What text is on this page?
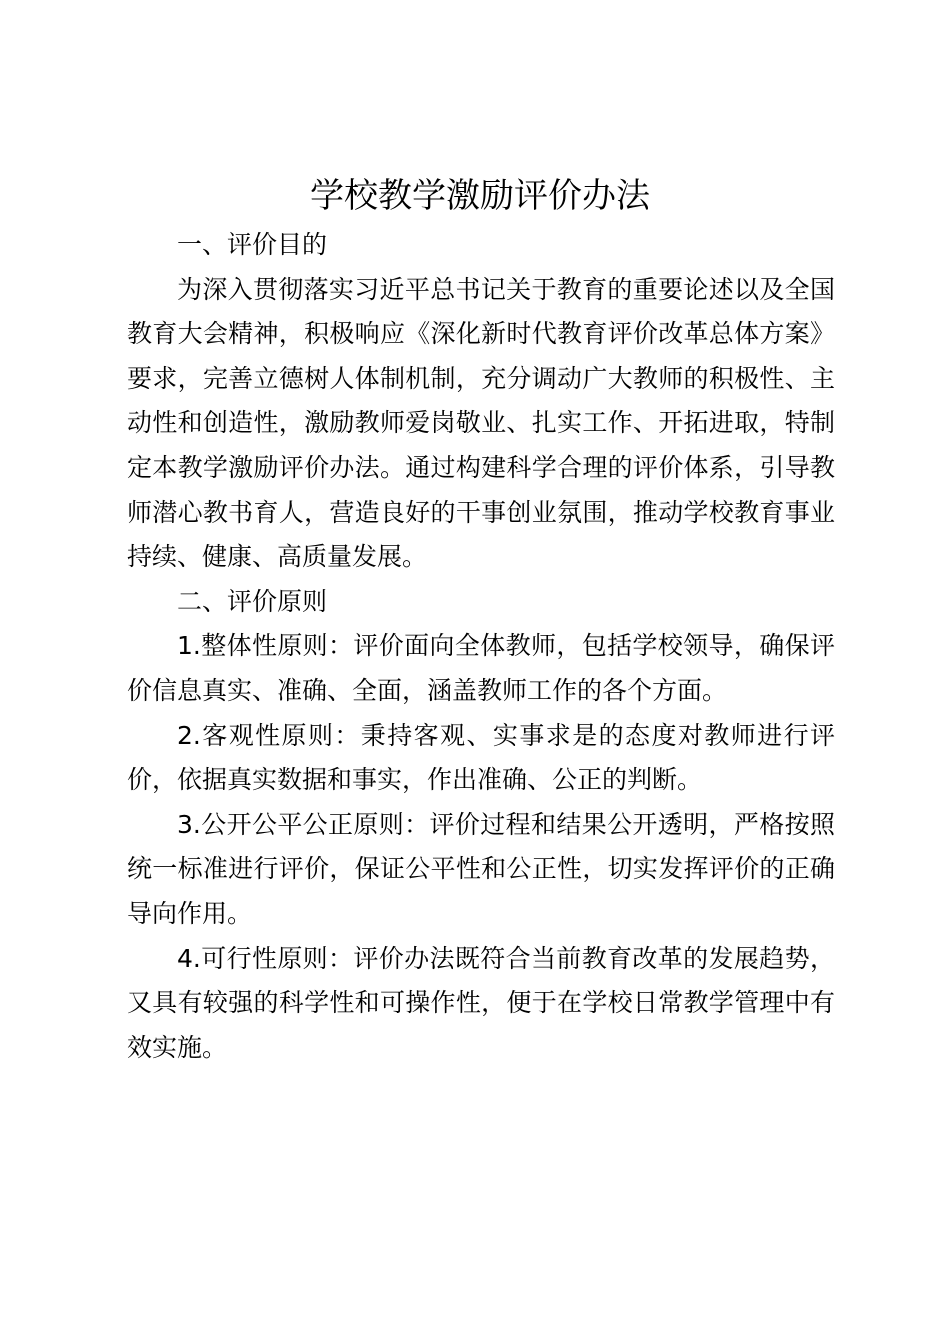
学校教学激励评价办法

一、评价目的

为深入贯彻落实习近平总书记关于教育的重要论述以及全国教育大会精神，积极响应《深化新时代教育评价改革总体方案》要求，完善立德树人体制机制，充分调动广大教师的积极性、主动性和创造性，激励教师爱岗敬业、扎实工作、开拓进取，特制定本教学激励评价办法。通过构建科学合理的评价体系，引导教师潜心教书育人，营造良好的干事创业氛围，推动学校教育事业持续、健康、高质量发展。

二、评价原则

1.整体性原则：评价面向全体教师，包括学校领导，确保评价信息真实、准确、全面，涵盖教师工作的各个方面。

2.客观性原则：秉持客观、实事求是的态度对教师进行评价，依据真实数据和事实，作出准确、公正的判断。

3.公开公平公正原则：评价过程和结果公开透明，严格按照统一标准进行评价，保证公平性和公正性，切实发挥评价的正确导向作用。

4.可行性原则：评价办法既符合当前教育改革的发展趋势，又具有较强的科学性和可操作性，便于在学校日常教学管理中有效实施。
